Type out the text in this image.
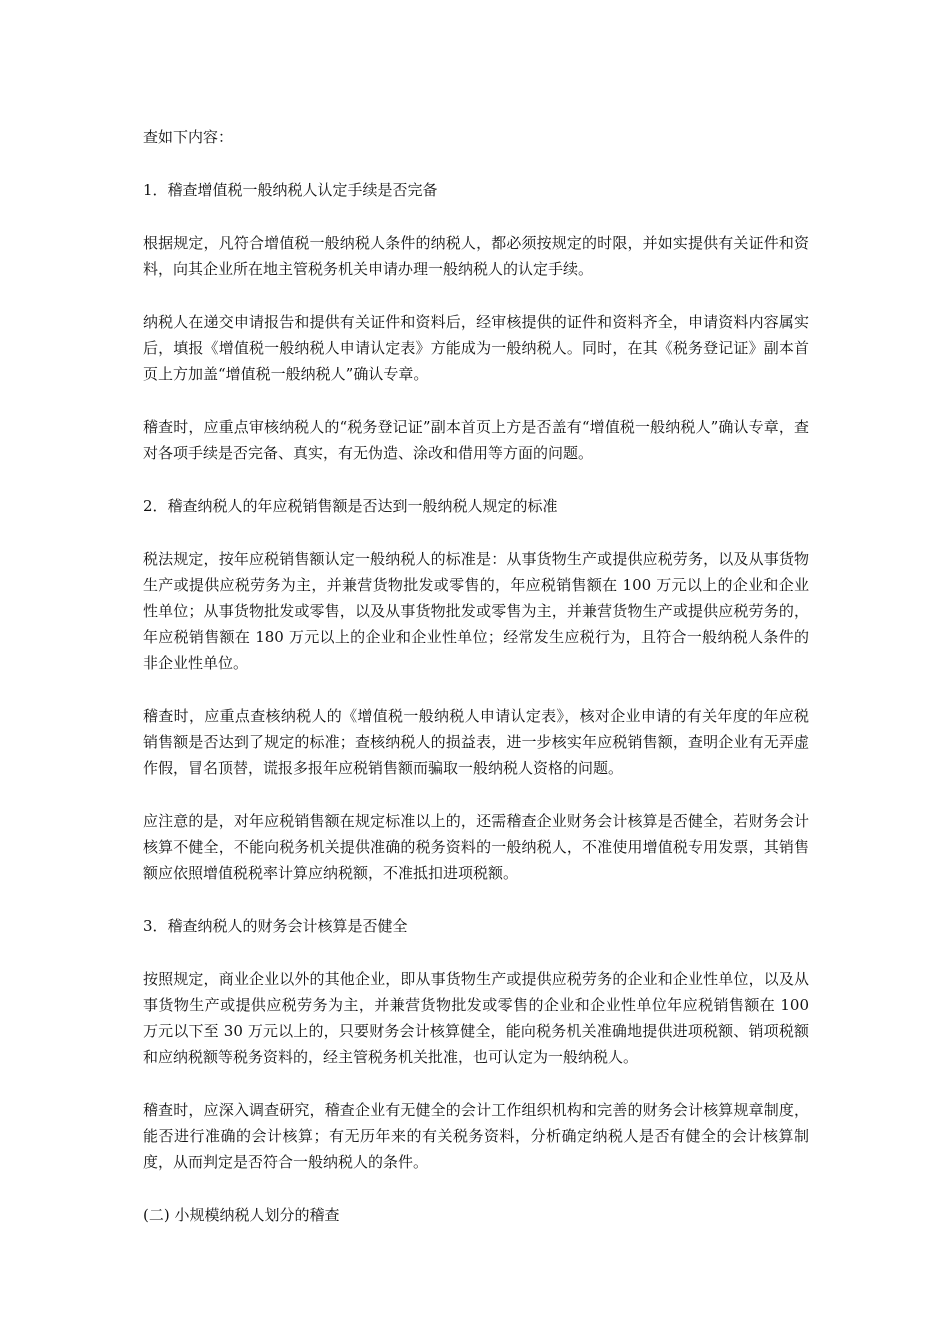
查如下内容：

1．稽查增值税一般纳税人认定手续是否完备

根据规定，凡符合增值税一般纳税人条件的纳税人，都必须按规定的时限，并如实提供有关证件和资料，向其企业所在地主管税务机关申请办理一般纳税人的认定手续。

纳税人在递交申请报告和提供有关证件和资料后，经审核提供的证件和资料齐全，申请资料内容属实后，填报《增值税一般纳税人申请认定表》方能成为一般纳税人。同时，在其《税务登记证》副本首页上方加盖“增值税一般纳税人”确认专章。

稽查时，应重点审核纳税人的“税务登记证”副本首页上方是否盖有“增值税一般纳税人”确认专章，查对各项手续是否完备、真实，有无伪造、涂改和借用等方面的问题。

2．稽查纳税人的年应税销售额是否达到一般纳税人规定的标准

税法规定，按年应税销售额认定一般纳税人的标准是：从事货物生产或提供应税劳务，以及从事货物生产或提供应税劳务为主，并兼营货物批发或零售的，年应税销售额在 100 万元以上的企业和企业性单位；从事货物批发或零售，以及从事货物批发或零售为主，并兼营货物生产或提供应税劳务的，年应税销售额在 180 万元以上的企业和企业性单位；经常发生应税行为，且符合一般纳税人条件的非企业性单位。

稽查时，应重点查核纳税人的《增值税一般纳税人申请认定表》，核对企业申请的有关年度的年应税销售额是否达到了规定的标准；查核纳税人的损益表，进一步核实年应税销售额，查明企业有无弄虚作假，冒名顶替，谎报多报年应税销售额而骗取一般纳税人资格的问题。

应注意的是，对年应税销售额在规定标准以上的，还需稽查企业财务会计核算是否健全，若财务会计核算不健全，不能向税务机关提供准确的税务资料的一般纳税人，不准使用增值税专用发票，其销售额应依照增值税税率计算应纳税额，不准抵扣进项税额。

3．稽查纳税人的财务会计核算是否健全

按照规定，商业企业以外的其他企业，即从事货物生产或提供应税劳务的企业和企业性单位，以及从事货物生产或提供应税劳务为主，并兼营货物批发或零售的企业和企业性单位年应税销售额在 100 万元以下至 30 万元以上的，只要财务会计核算健全，能向税务机关准确地提供进项税额、销项税额和应纳税额等税务资料的，经主管税务机关批准，也可认定为一般纳税人。

稽查时，应深入调查研究，稽查企业有无健全的会计工作组织机构和完善的财务会计核算规章制度，能否进行准确的会计核算；有无历年来的有关税务资料，分析确定纳税人是否有健全的会计核算制度，从而判定是否符合一般纳税人的条件。

(二) 小规模纳税人划分的稽查
